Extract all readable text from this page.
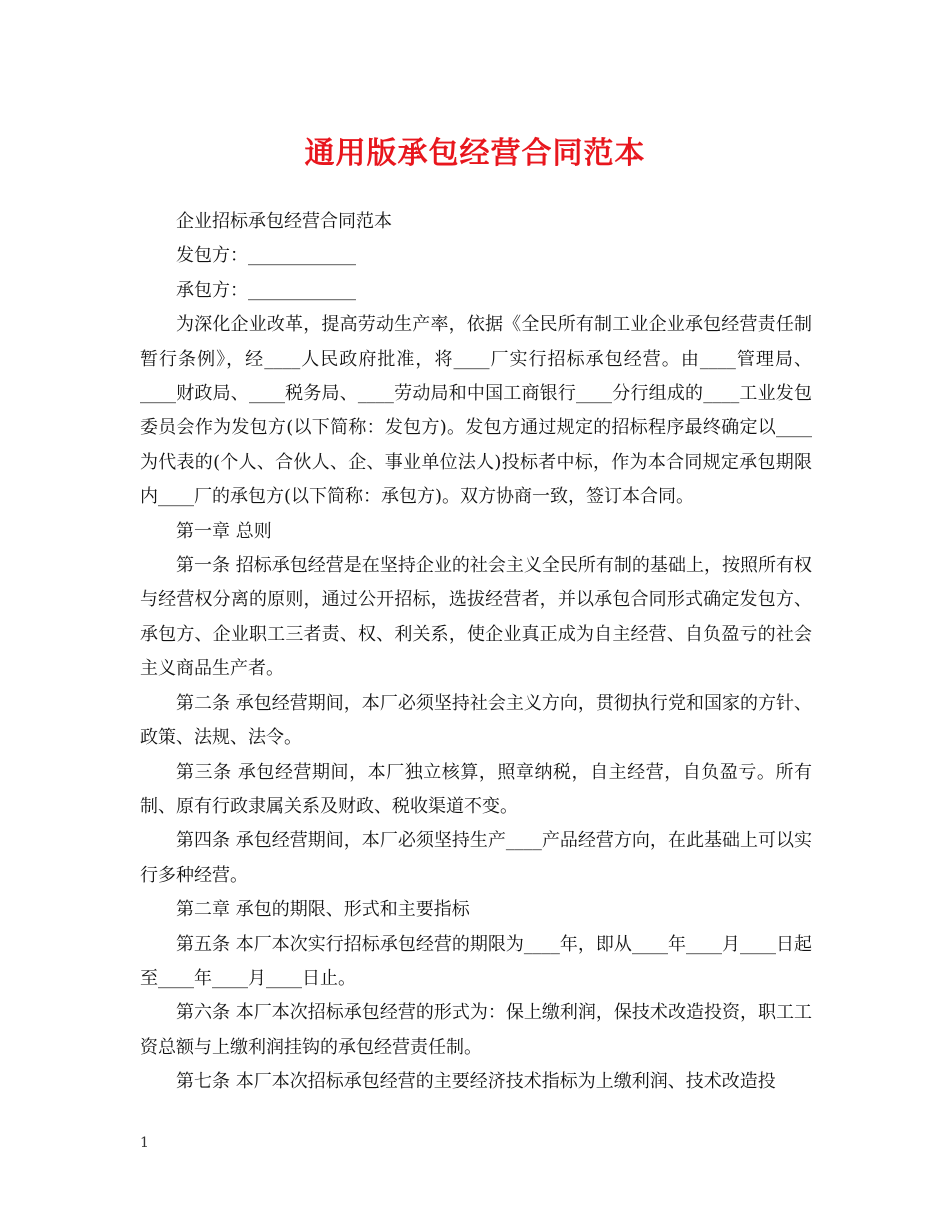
通用版承包经营合同范本

企业招标承包经营合同范本

发包方：____________

承包方：____________

为深化企业改革，提高劳动生产率，依据《全民所有制工业企业承包经营责任制暂行条例》，经____人民政府批准，将____厂实行招标承包经营。由____管理局、____财政局、____税务局、____劳动局和中国工商银行____分行组成的____工业发包委员会作为发包方(以下简称：发包方)。发包方通过规定的招标程序最终确定以____为代表的(个人、合伙人、企、事业单位法人)投标者中标，作为本合同规定承包期限内____厂的承包方(以下简称：承包方)。双方协商一致，签订本合同。

第一章 总则

第一条 招标承包经营是在坚持企业的社会主义全民所有制的基础上，按照所有权与经营权分离的原则，通过公开招标，选拔经营者，并以承包合同形式确定发包方、承包方、企业职工三者责、权、利关系，使企业真正成为自主经营、自负盈亏的社会主义商品生产者。

第二条 承包经营期间，本厂必须坚持社会主义方向，贯彻执行党和国家的方针、政策、法规、法令。

第三条 承包经营期间，本厂独立核算，照章纳税，自主经营，自负盈亏。所有制、原有行政隶属关系及财政、税收渠道不变。

第四条 承包经营期间，本厂必须坚持生产____产品经营方向，在此基础上可以实行多种经营。

第二章 承包的期限、形式和主要指标

第五条 本厂本次实行招标承包经营的期限为____年，即从____年____月____日起至____年____月____日止。

第六条 本厂本次招标承包经营的形式为：保上缴利润，保技术改造投资，职工工资总额与上缴利润挂钩的承包经营责任制。

第七条 本厂本次招标承包经营的主要经济技术指标为上缴利润、技术改造投

1
